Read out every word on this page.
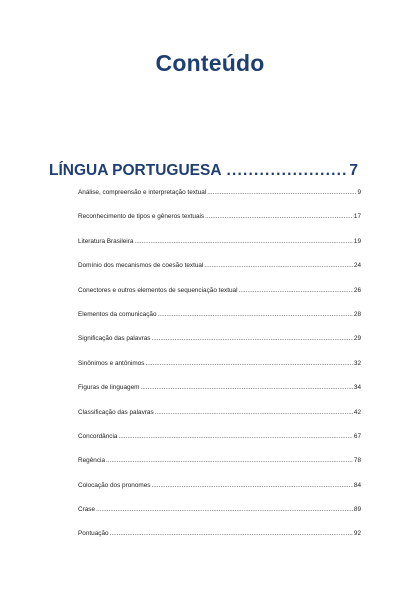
Conteúdo
LÍNGUA PORTUGUESA .....	7
Análise, compreensão e interpretação textual .....	9
Reconhecimento de tipos e gêneros textuais .....	17
Literatura Brasileira .....	19
Domínio dos mecanismos de coesão textual .....	24
Conectores e outros elementos de sequenciação textual .....	26
Elementos da comunicação .....	28
Significação das palavras .....	29
Sinônimos e antônimos .....	32
Figuras de linguagem .....	34
Classificação das palavras .....	42
Concordância .....	67
Regência .....	78
Colocação dos pronomes .....	84
Crase .....	89
Pontuação .....	92
